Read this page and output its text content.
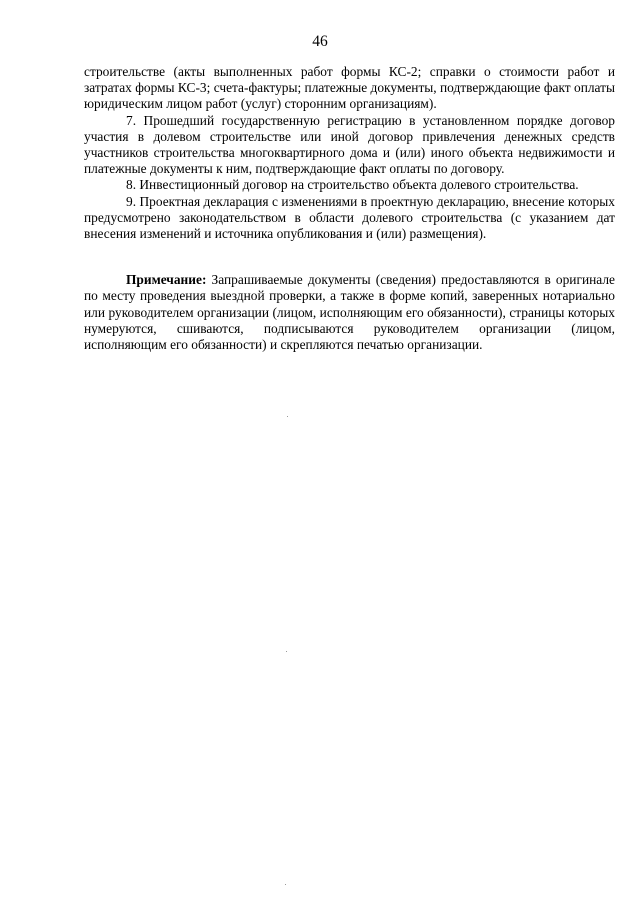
46

строительстве (акты выполненных работ формы КС-2; справки о стоимости работ и затратах формы КС-3; счета-фактуры; платежные документы, подтверждающие факт оплаты юридическим лицом работ (услуг) сторонним организациям).

7. Прошедший государственную регистрацию в установленном порядке договор участия в долевом строительстве или иной договор привлечения денежных средств участников строительства многоквартирного дома и (или) иного объекта недвижимости и платежные документы к ним, подтверждающие факт оплаты по договору.

8. Инвестиционный договор на строительство объекта долевого строительства.

9. Проектная декларация с изменениями в проектную декларацию, внесение которых предусмотрено законодательством в области долевого строительства (с указанием дат внесения изменений и источника опубликования и (или) размещения).

Примечание: Запрашиваемые документы (сведения) предоставляются в оригинале по месту проведения выездной проверки, а также в форме копий, заверенных нотариально или руководителем организации (лицом, исполняющим его обязанности), страницы которых нумеруются, сшиваются, подписываются руководителем организации (лицом, исполняющим его обязанности) и скрепляются печатью организации.
